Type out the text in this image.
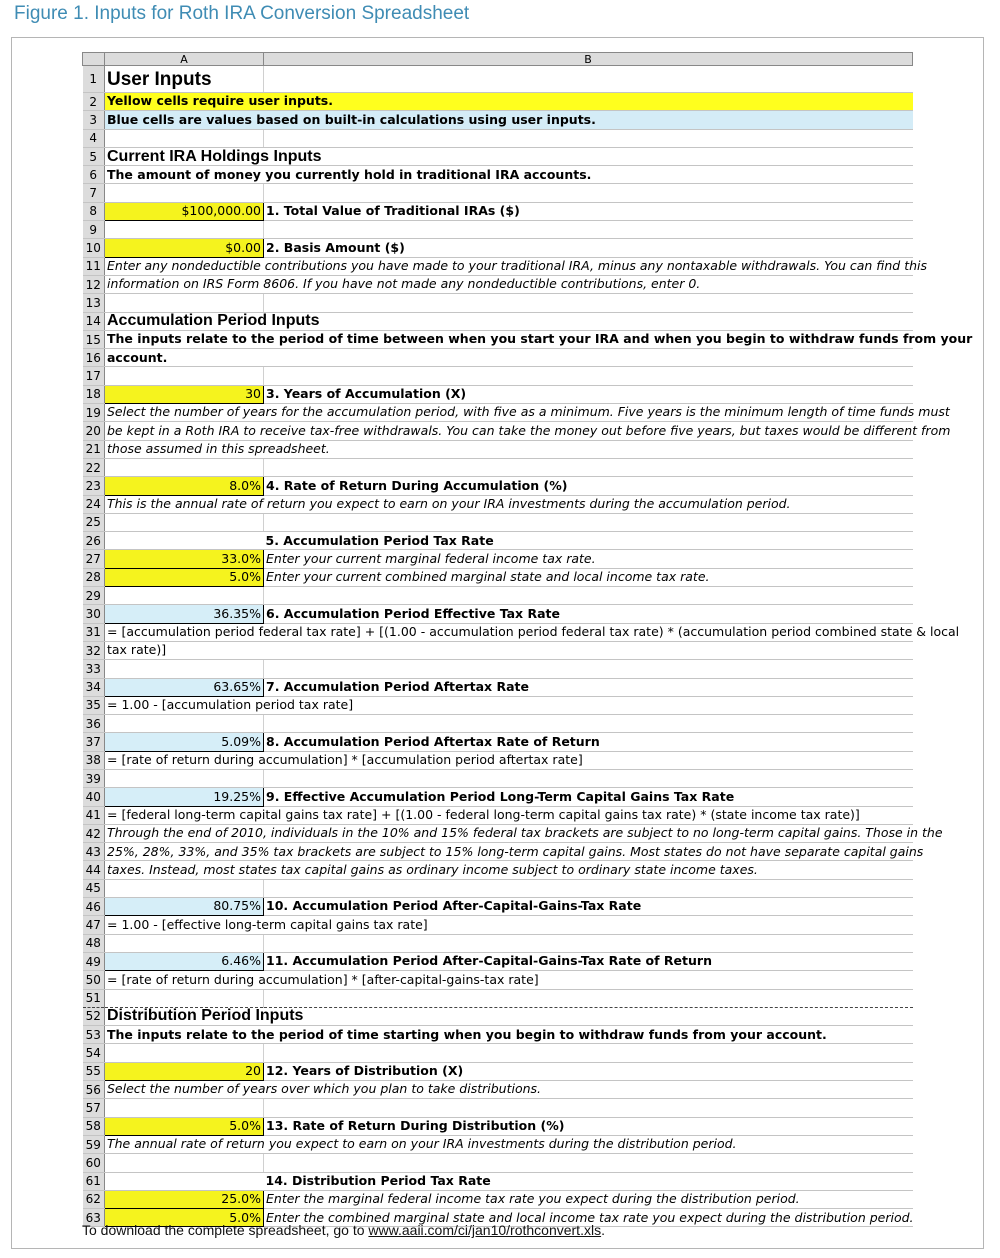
Figure 1. Inputs for Roth IRA Conversion Spreadsheet
	A	B
1	User Inputs	
2	Yellow cells require user inputs.	
3	Blue cells are values based on built-in calculations using user inputs.	
4		
5	Current IRA Holdings Inputs	
6	The amount of money you currently hold in traditional IRA accounts.	
7		
8	$100,000.00	1. Total Value of Traditional IRAs ($)
9		
10	$0.00	2. Basis Amount ($)
11	Enter any nondeductible contributions you have made to your traditional IRA, minus any nontaxable withdrawals. You can find this	
12	information on IRS Form 8606. If you have not made any nondeductible contributions, enter 0.	
13		
14	Accumulation Period Inputs	
15	The inputs relate to the period of time between when you start your IRA and when you begin to withdraw funds from your	
16	account.	
17		
18	30	3. Years of Accumulation (X)
19	Select the number of years for the accumulation period, with five as a minimum. Five years is the minimum length of time funds must	
20	be kept in a Roth IRA to receive tax-free withdrawals. You can take the money out before five years, but taxes would be different from	
21	those assumed in this spreadsheet.	
22		
23	8.0%	4. Rate of Return During Accumulation (%)
24	This is the annual rate of return you expect to earn on your IRA investments during the accumulation period.	
25		
26		5. Accumulation Period Tax Rate
27	33.0%	Enter your current marginal federal income tax rate.
28	5.0%	Enter your current combined marginal state and local income tax rate.
29		
30	36.35%	6. Accumulation Period Effective Tax Rate
31	= [accumulation period federal tax rate] + [(1.00 - accumulation period federal tax rate) * (accumulation period combined state & local	
32	tax rate)]	
33		
34	63.65%	7. Accumulation Period Aftertax Rate
35	= 1.00 - [accumulation period tax rate]	
36		
37	5.09%	8. Accumulation Period Aftertax Rate of Return
38	= [rate of return during accumulation] * [accumulation period aftertax rate]	
39		
40	19.25%	9. Effective Accumulation Period Long-Term Capital Gains Tax Rate
41	= [federal long-term capital gains tax rate] + [(1.00 - federal long-term capital gains tax rate) * (state income tax rate)]	
42	Through the end of 2010, individuals in the 10% and 15% federal tax brackets are subject to no long-term capital gains. Those in the	
43	25%, 28%, 33%, and 35% tax brackets are subject to 15% long-term capital gains. Most states do not have separate capital gains	
44	taxes. Instead, most states tax capital gains as ordinary income subject to ordinary state income taxes.	
45		
46	80.75%	10. Accumulation Period After-Capital-Gains-Tax Rate
47	= 1.00 - [effective long-term capital gains tax rate]	
48		
49	6.46%	11. Accumulation Period After-Capital-Gains-Tax Rate of Return
50	= [rate of return during accumulation] * [after-capital-gains-tax rate]	
51		
52	Distribution Period Inputs	
53	The inputs relate to the period of time starting when you begin to withdraw funds from your account.	
54		
55	20	12. Years of Distribution (X)
56	Select the number of years over which you plan to take distributions.	
57		
58	5.0%	13. Rate of Return During Distribution (%)
59	The annual rate of return you expect to earn on your IRA investments during the distribution period.	
60		
61		14. Distribution Period Tax Rate
62	25.0%	Enter the marginal federal income tax rate you expect during the distribution period.
63	5.0%	Enter the combined marginal state and local income tax rate you expect during the distribution period.
To download the complete spreadsheet, go to www.aaii.com/ci/jan10/rothconvert.xls.
